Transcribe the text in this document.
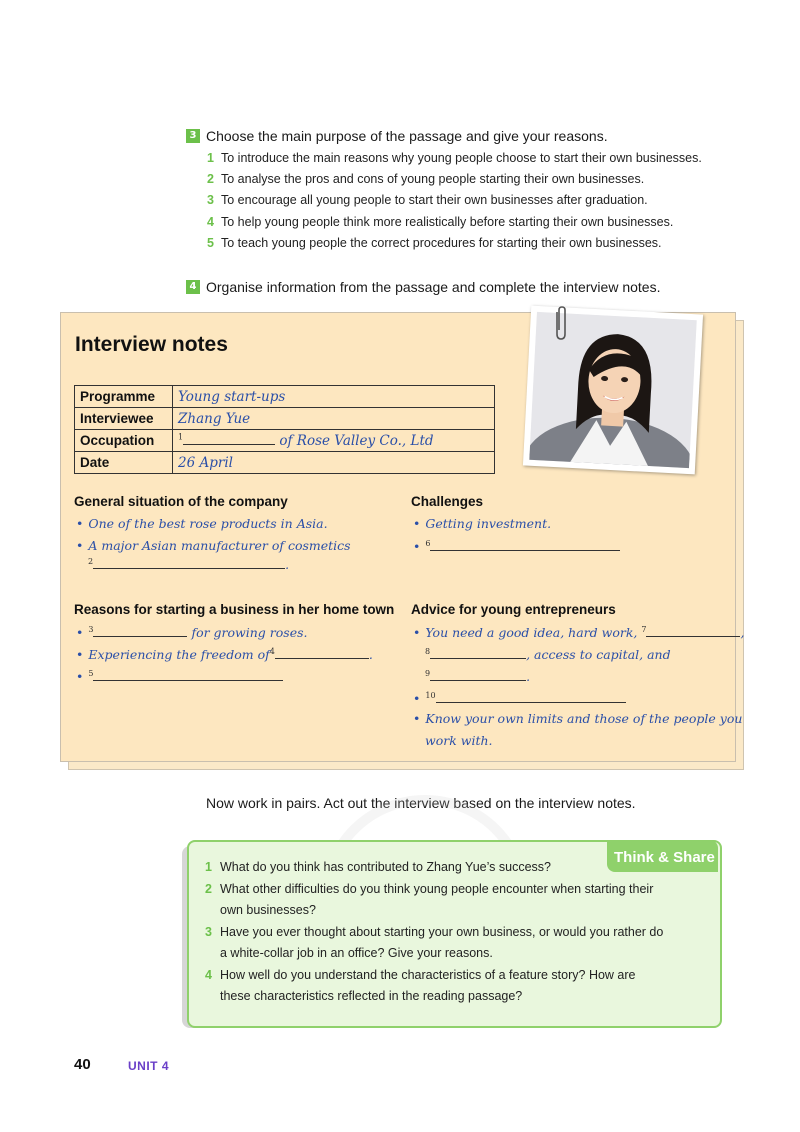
3 Choose the main purpose of the passage and give your reasons.
1 To introduce the main reasons why young people choose to start their own businesses.
2 To analyse the pros and cons of young people starting their own businesses.
3 To encourage all young people to start their own businesses after graduation.
4 To help young people think more realistically before starting their own businesses.
5 To teach young people the correct procedures for starting their own businesses.
4 Organise information from the passage and complete the interview notes.
Interview notes
Programme	Young start-ups
Interviewee	Zhang Yue
Occupation	$^1$ of Rose Valley Co., Ltd
Date	26 April
General situation of the company
• One of the best rose products in Asia.
• A major Asian manufacturer of cosmetics
$^2$	.
Challenges
• Getting investment.
• $^6$
Reasons for starting a business in her home town
• $^3$	for growing roses.
• Experiencing the freedom $of^4$	.
• $^5$
Advice for young entrepreneurs
• You need a good idea, hard work, $^7$	,
$^8$	, access to capital, and
$^9$	.
• $^{10}$
• Know your own limits and those of the people you
work with.
Now work in pairs. Act out the interview based on the interview notes.
Think & Share
1 What do you think has contributed to Zhang Yue’s success?
2 What other difficulties do you think young people encounter when starting their
own businesses?
3 Have you ever thought about starting your own business, or would you rather do
a white-collar job in an office? Give your reasons.
4 How well do you understand the characteristics of a feature story? How are
these characteristics reflected in the reading passage?
40	UNIT 4
